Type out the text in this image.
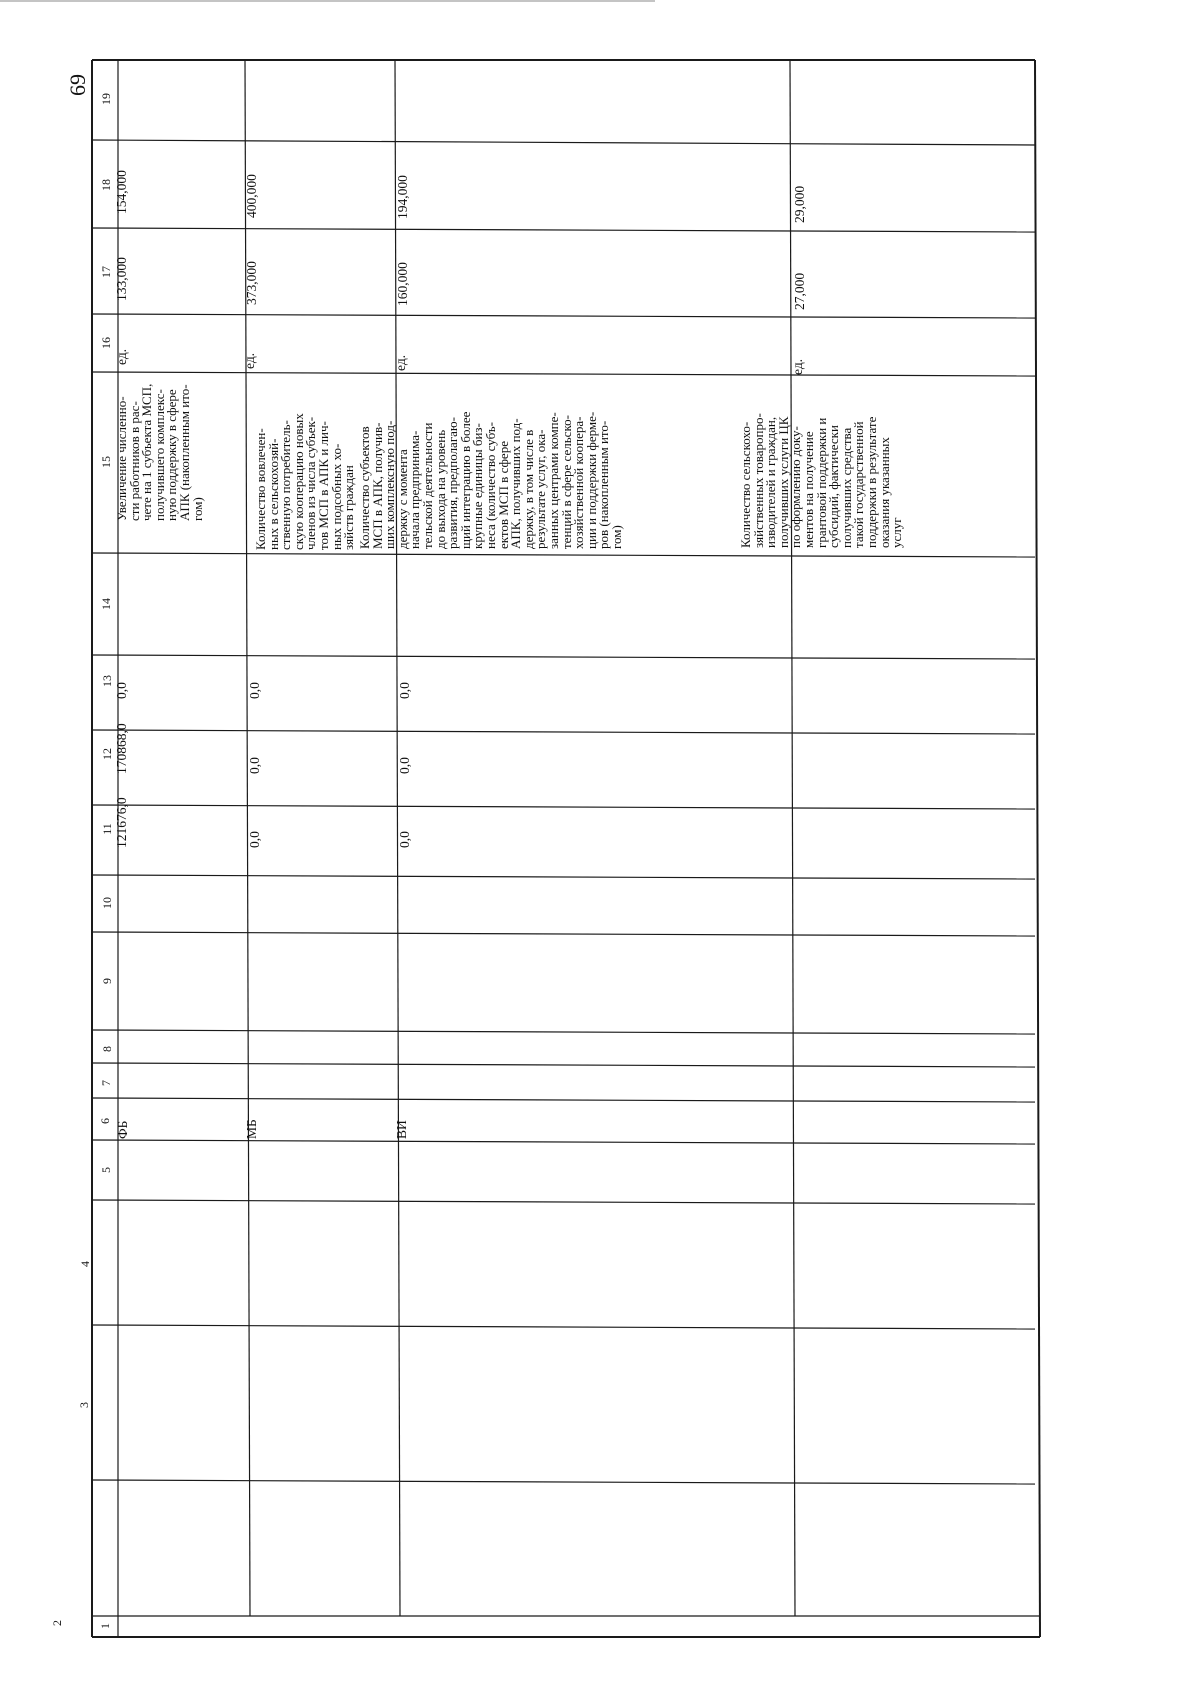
69
1
2
3
4
5
6
7
8
9
10
11
12
13
14
15
16
17
18
19
ФБ
121676,0
170868,0
0,0
Увеличение численно-
сти работников в рас-
чете на 1 субъекта МСП,
получившего комплекс-
ную поддержку в сфере
АПК (накопленным ито-
гом)
ед.
133,000
154,000
МБ
0,0
0,0
0,0
Количество вовлечен-
ных в сельскохозяй-
ственную потребитель-
скую кооперацию новых
членов из числа субъек-
тов МСП в АПК и лич-
ных подсобных хо-
зяйств граждан
ед.
373,000
400,000
ВИ
0,0
0,0
0,0
Количество субъектов
МСП в АПК, получив-
ших комплексную под-
держку с момента
начала предпринима-
тельской деятельности
до выхода на уровень
развития, предполагаю-
щий интеграцию в более
крупные единицы биз-
неса (количество субъ-
ектов МСП в сфере
АПК, получивших под-
держку, в том числе в
результате услуг, ока-
занных центрами компе-
тенций в сфере сельско-
хозяйственной коопера-
ции и поддержки ферме-
ров (накопленным ито-
гом)
ед.
160,000
194,000
Количество сельскохо-
зяйственных товаропро-
изводителей и граждан,
получивших услуги ЦК
по оформлению доку-
ментов на получение
грантовой поддержки и
субсидий, фактически
получивших средства
такой государственной
поддержки в результате
оказания указанных
услуг
ед.
27,000
29,000
